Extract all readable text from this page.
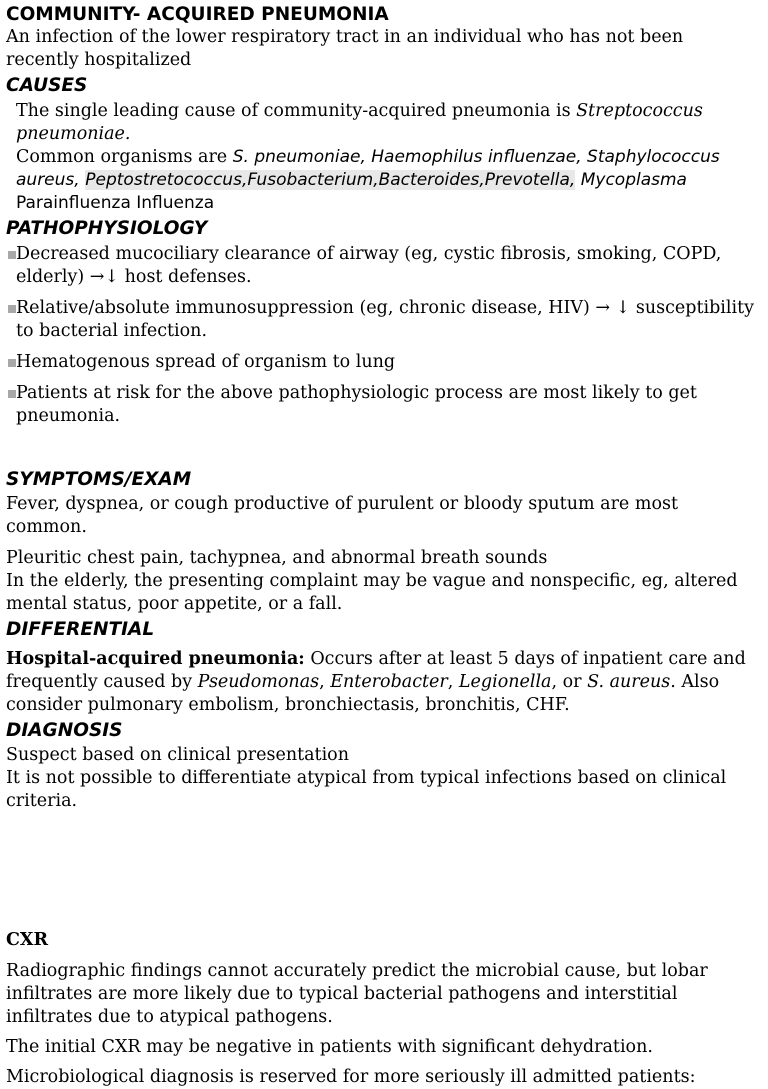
COMMUNITY- ACQUIRED PNEUMONIA

An infection of the lower respiratory tract in an individual who has not been recently hospitalized

CAUSES
The single leading cause of community-acquired pneumonia is Streptococcus pneumoniae.
Common organisms are S. pneumoniae, Haemophilus influenzae, Staphylococcus aureus, Peptostretococcus,Fusobacterium,Bacteroides,Prevotella, Mycoplasma
Parainfluenza Influenza
PATHOPHYSIOLOGY
Decreased mucociliary clearance of airway (eg, cystic fibrosis, smoking, COPD, elderly) →↓ host defenses.
Relative/absolute immunosuppression (eg, chronic disease, HIV) → ↓ susceptibility to bacterial infection.
Hematogenous spread of organism to lung
Patients at risk for the above pathophysiologic process are most likely to get pneumonia.
SYMPTOMS/EXAM

Fever, dyspnea, or cough productive of purulent or bloody sputum are most common.

Pleuritic chest pain, tachypnea, and abnormal breath sounds

In the elderly, the presenting complaint may be vague and nonspecific, eg, altered mental status, poor appetite, or a fall.

DIFFERENTIAL

Hospital-acquired pneumonia: Occurs after at least 5 days of inpatient care and frequently caused by Pseudomonas, Enterobacter, Legionella, or S. aureus. Also consider pulmonary embolism, bronchiectasis, bronchitis, CHF.

DIAGNOSIS

Suspect based on clinical presentation

It is not possible to differentiate atypical from typical infections based on clinical criteria.

CXR

Radiographic findings cannot accurately predict the microbial cause, but lobar infiltrates are more likely due to typical bacterial pathogens and interstitial infiltrates due to atypical pathogens.

The initial CXR may be negative in patients with significant dehydration.

Microbiological diagnosis is reserved for more seriously ill admitted patients:
